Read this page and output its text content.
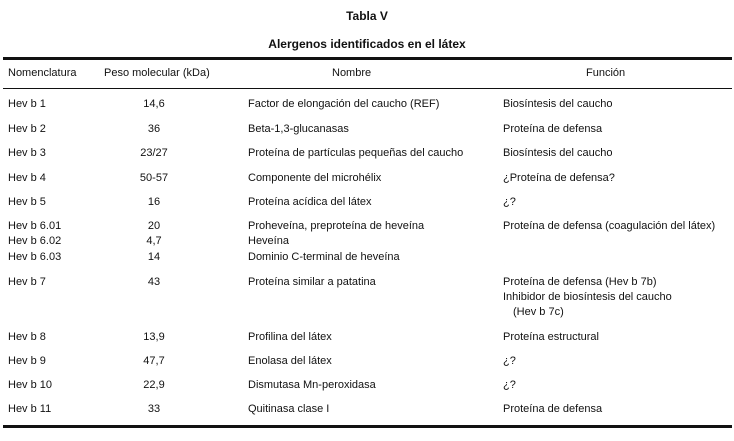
Tabla V
Alergenos identificados en el látex
Nomenclatura	Peso molecular (kDa)	Nombre	Función
Hev b 1	14,6	Factor de elongación del caucho (REF)	Biosíntesis del caucho
Hev b 2	36	Beta-1,3-glucanasas	Proteína de defensa
Hev b 3	23/27	Proteína de partículas pequeñas del caucho	Biosíntesis del caucho
Hev b 4	50-57	Componente del microhélix	¿Proteína de defensa?
Hev b 5	16	Proteína acídica del látex	¿?
Hev b 6.01	20	Proheveína, preproteína de heveína	Proteína de defensa (coagulación del látex)
Hev b 6.02	4,7	Heveína
Hev b 6.03	14	Dominio C-terminal de heveína
Hev b 7	43	Proteína similar a patatina	Proteína de defensa (Hev b 7b)
Inhibidor de biosíntesis del caucho
(Hev b 7c)
Hev b 8	13,9	Profilina del látex	Proteína estructural
Hev b 9	47,7	Enolasa del látex	¿?
Hev b 10	22,9	Dismutasa Mn-peroxidasa	¿?
Hev b 11	33	Quitinasa clase I	Proteína de defensa
